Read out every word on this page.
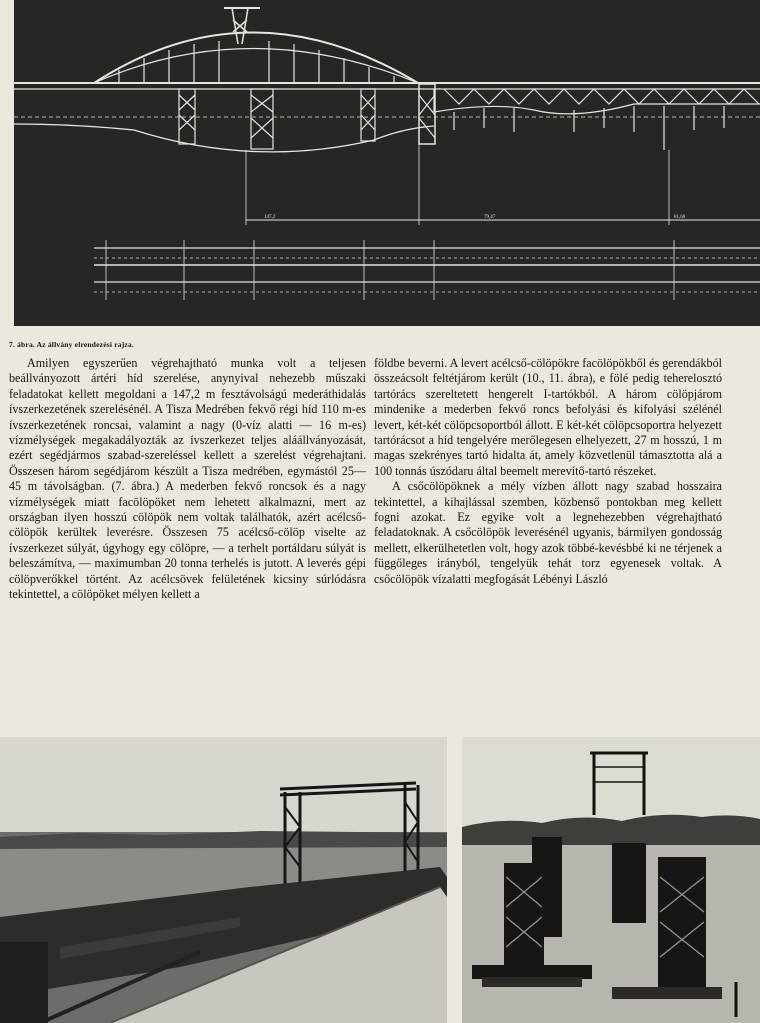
147,2	79,47	81,60

7. ábra. Az állvány elrendezési rajza.

Amilyen egyszerűen végrehajtható munka volt a teljesen beállványozott ártéri híd szerelése, anynyival nehezebb műszaki feladatokat kellett megoldani a 147,2 m fesztávolságú mederáthidalás ívszerkezetének szerelésénél. A Tisza Medrében fekvő régi híd 110 m-es ívszerkezetének roncsai, valamint a nagy (0-víz alatti — 16 m-es) vízmélységek megakadályozták az ívszerkezet teljes aláállványozását, ezért segédjármos szabad-szereléssel kellett a szerelést végrehajtani. Összesen három segédjárom készült a Tisza medrében, egymástól 25—45 m távolságban. (7. ábra.) A mederben fekvő roncsok és a nagy vízmélységek miatt facölöpöket nem lehetett alkalmazni, mert az országban ilyen hosszú cölöpök nem voltak találhatók, azért acélcső-cölöpök kerültek leverésre. Összesen 75 acélcső-cölöp viselte az ívszerkezet súlyát, úgyhogy egy cölöpre, — a terhelt portáldaru súlyát is beleszámítva, — maximumban 20 tonna terhelés is jutott. A leverés gépi cölöpverőkkel történt. Az acélcsövek felületének kicsiny súrlódásra tekintettel, a cölöpöket mélyen kellett a

földbe beverni. A levert acélcső-cölöpökre facölöpökből és gerendákból összeácsolt feltétjárom került (10., 11. ábra), e fölé pedig teherelosztó tartórács szereltetett hengerelt I-tartókból. A három cölöpjárom mindenike a mederben fekvő roncs befolyási és kifolyási szélénél levert, két-két cölöpcsoportból állott. E két-két cölöpcsoportra helyezett tartórácsot a híd tengelyére merőlegesen elhelyezett, 27 m hosszú, 1 m magas szekrényes tartó hidalta át, amely közvetlenül támasztotta alá a 100 tonnás úszódaru által beemelt merevítő-tartó részeket.

A csőcölöpöknek a mély vízben állott nagy szabad hosszaira tekintettel, a kihajlással szemben, közbenső pontokban meg kellett fogni azokat. Ez egyike volt a legnehezebben végrehajtható feladatoknak. A csőcölöpök leverésénél ugyanis, bármilyen gondosság mellett, elkerülhetetlen volt, hogy azok többé-kevésbbé ki ne térjenek a függőleges irányból, tengelyük tehát torz egyenesek voltak. A csőcölöpök vízalatti megfogását Lébényi László
